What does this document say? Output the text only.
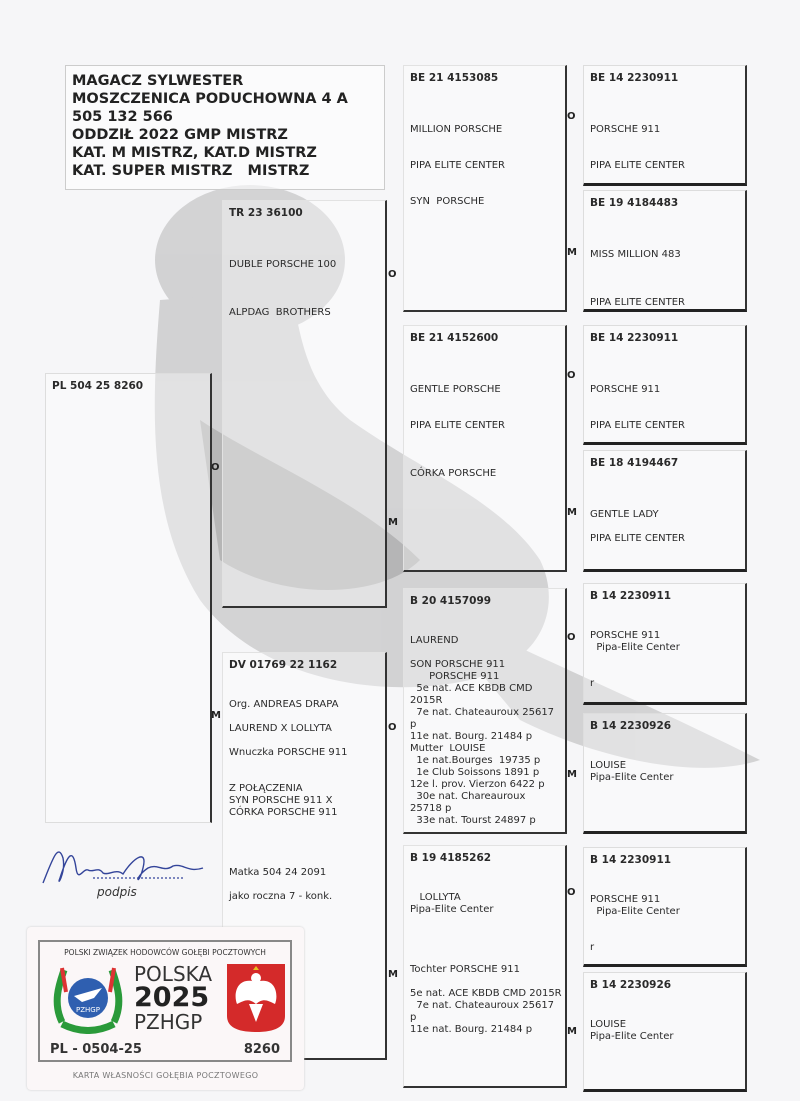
MAGACZ SYLWESTER
MOSZCZENICA PODUCHOWNA 4 A
505 132 566
ODDZIŁ 2022 GMP MISTRZ
KAT. M MISTRZ, KAT.D MISTRZ
KAT. SUPER MISTRZ   MISTRZ
PL 504 25 8260
TR 23 36100
DUBLE PORSCHE 100
ALPDAG  BROTHERS
DV 01769 22 1162
Org. ANDREAS DRAPA
LAUREND X LOLLYTA
Wnuczka PORSCHE 911
Z POŁĄCZENIA
SYN PORSCHE 911 X
CÓRKA PORSCHE 911
Matka 504 24 2091
jako roczna 7 - konk.
BE 21 4153085
MILLION PORSCHE
PIPA ELITE CENTER
SYN  PORSCHE
BE 21 4152600
GENTLE PORSCHE
PIPA ELITE CENTER
CÓRKA PORSCHE
B 20 4157099
LAUREND
SON PORSCHE 911
PORSCHE 911
5e nat. ACE KBDB CMD
2015R
7e nat. Chateauroux 25617
p
11e nat. Bourg. 21484 p
Mutter  LOUISE
1e nat.Bourges  19735 p
1e Club Soissons 1891 p
12e l. prov. Vierzon 6422 p
30e nat. Chareauroux
25718 p
33e nat. Tourst 24897 p
B 19 4185262
LOLLYTA
Pipa-Elite Center
Tochter PORSCHE 911
5e nat. ACE KBDB CMD 2015R
7e nat. Chateauroux 25617
p
11e nat. Bourg. 21484 p
BE 14 2230911
PORSCHE 911
PIPA ELITE CENTER
BE 19 4184483
MISS MILLION 483
PIPA ELITE CENTER
BE 14 2230911
PORSCHE 911
PIPA ELITE CENTER
BE 18 4194467
GENTLE LADY
PIPA ELITE CENTER
B 14 2230911
PORSCHE 911
Pipa-Elite Center
r
B 14 2230926
LOUISE
Pipa-Elite Center
B 14 2230911
PORSCHE 911
Pipa-Elite Center
r
B 14 2230926
LOUISE
Pipa-Elite Center
O
M
O
M
O
M
O
M
O
M
O
M
O
M
podpis
POLSKI ZWIĄZEK HODOWCÓW GOŁĘBI POCZTOWYCH
PZHGP
POLSKA
2025
PZHGP
PL - 0504-25	8260
KARTA WŁASNOŚCI GOŁĘBIA POCZTOWEGO
